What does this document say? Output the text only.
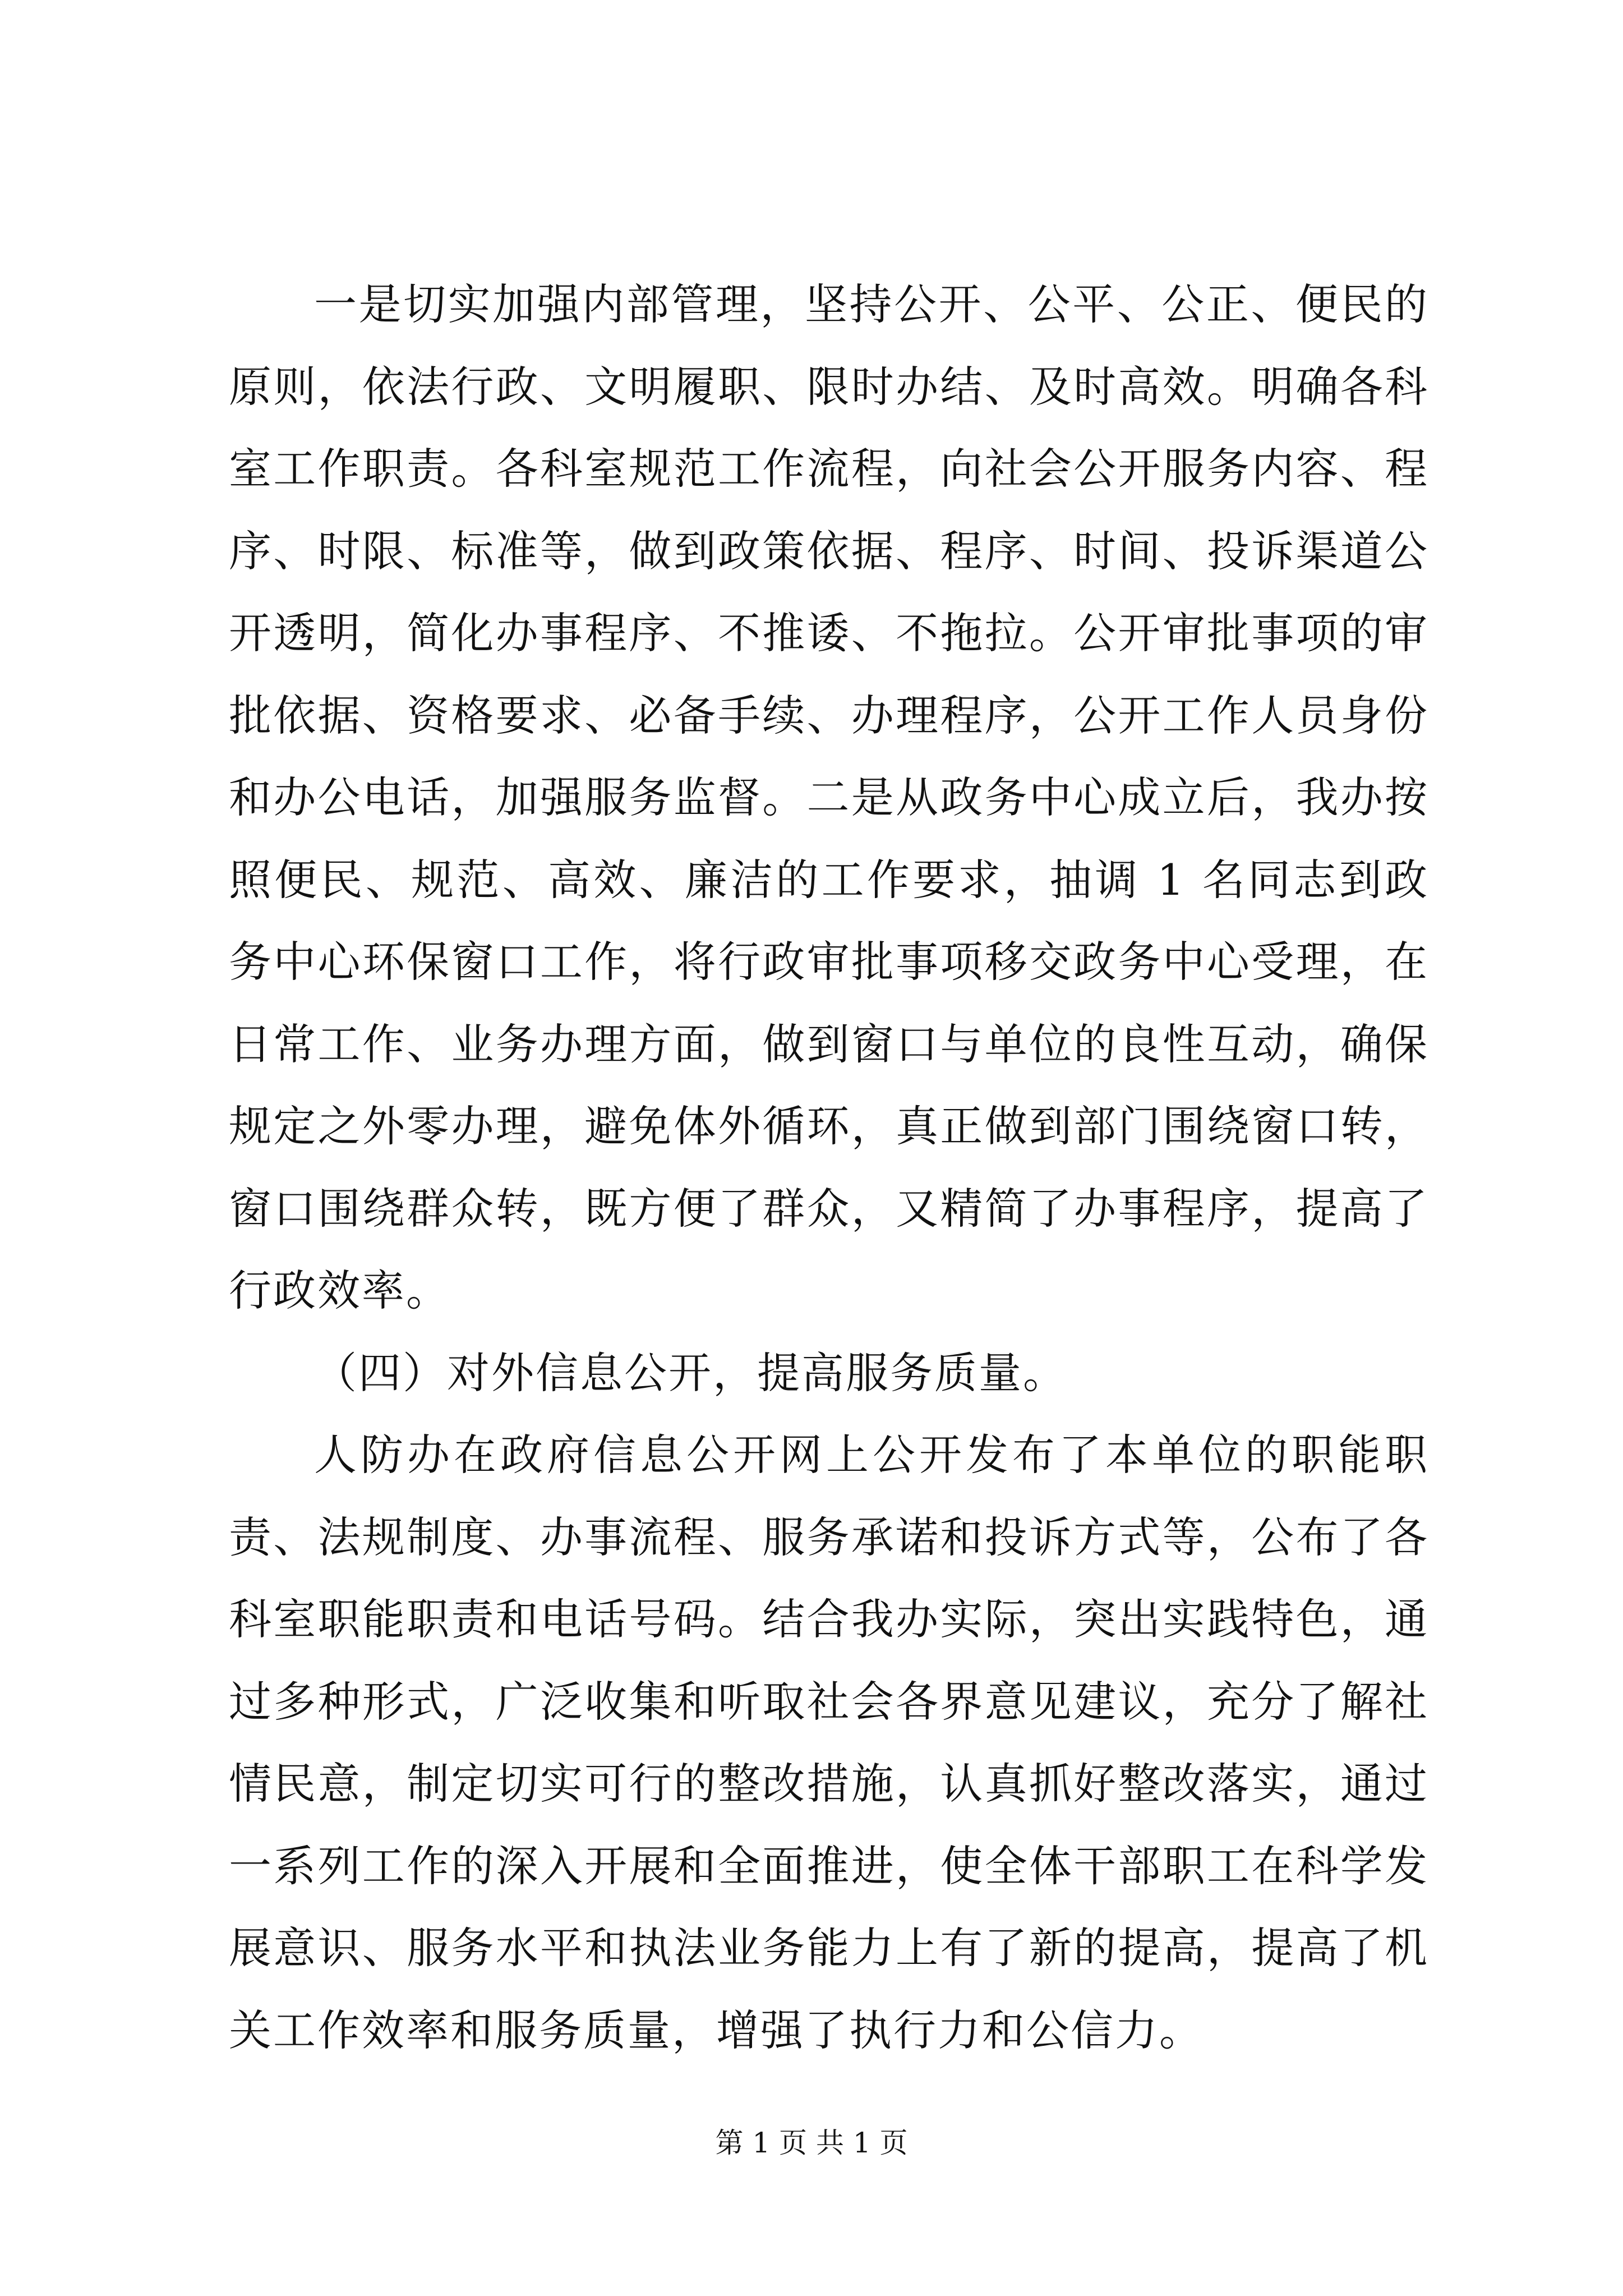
一是切实加强内部管理，坚持公开、公平、公正、便民的原则，依法行政、文明履职、限时办结、及时高效。明确各科室工作职责。各科室规范工作流程，向社会公开服务内容、程序、时限、标准等，做到政策依据、程序、时间、投诉渠道公开透明，简化办事程序、不推诿、不拖拉。公开审批事项的审批依据、资格要求、必备手续、办理程序，公开工作人员身份和办公电话，加强服务监督。二是从政务中心成立后，我办按照便民、规范、高效、廉洁的工作要求，抽调 1 名同志到政务中心环保窗口工作，将行政审批事项移交政务中心受理，在日常工作、业务办理方面，做到窗口与单位的良性互动，确保规定之外零办理，避免体外循环，真正做到部门围绕窗口转，窗口围绕群众转，既方便了群众，又精简了办事程序，提高了行政效率。

（四）对外信息公开，提高服务质量。

人防办在政府信息公开网上公开发布了本单位的职能职责、法规制度、办事流程、服务承诺和投诉方式等，公布了各科室职能职责和电话号码。结合我办实际，突出实践特色，通过多种形式，广泛收集和听取社会各界意见建议，充分了解社情民意，制定切实可行的整改措施，认真抓好整改落实，通过一系列工作的深入开展和全面推进，使全体干部职工在科学发展意识、服务水平和执法业务能力上有了新的提高，提高了机关工作效率和服务质量，增强了执行力和公信力。

第 1 页 共 1 页
